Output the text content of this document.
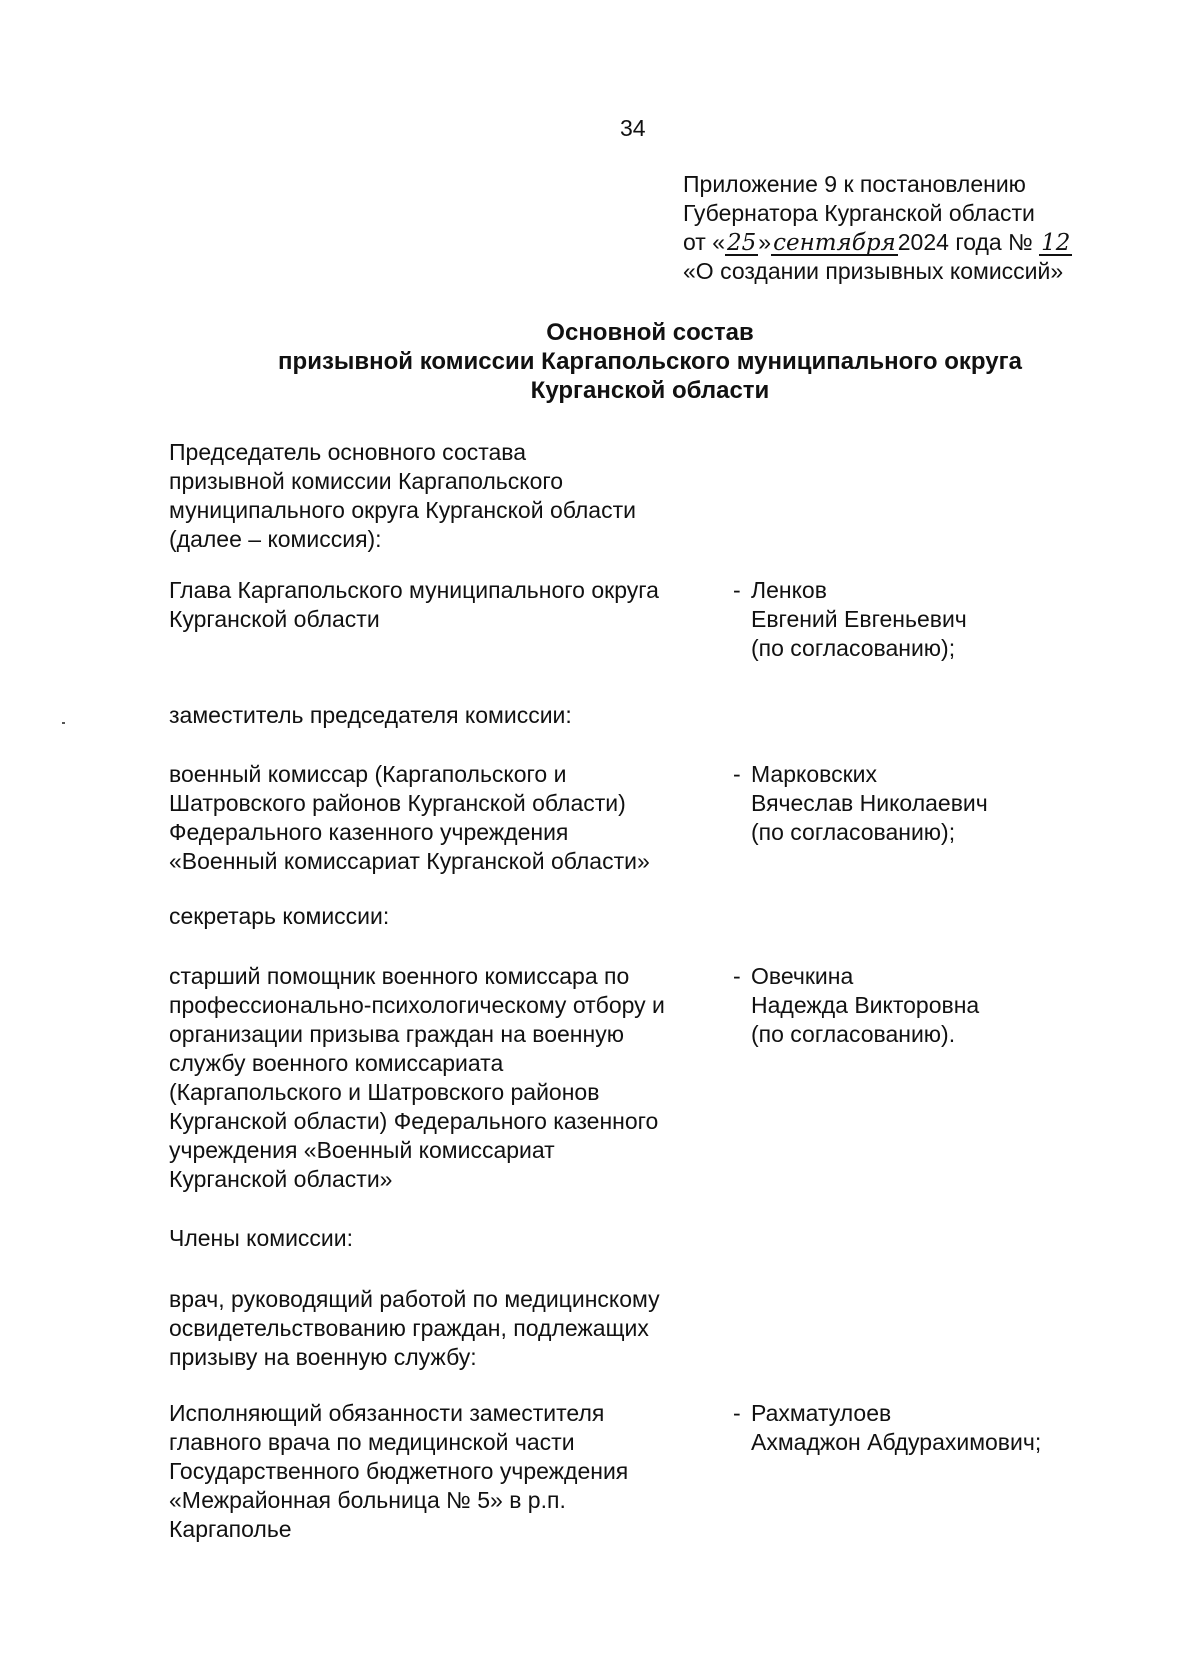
34
Приложение 9 к постановлению
Губернатора Курганской области
от «25»сентября2024 года № 12
«О создании призывных комиссий»
Основной состав
призывной комиссии Каргапольского муниципального округа
Курганской области
Председатель основного состава
призывной комиссии Каргапольского
муниципального округа Курганской области
(далее – комиссия):
Глава Каргапольского муниципального округа
Курганской области
- Ленков
Евгений Евгеньевич
(по согласованию);
заместитель председателя комиссии:
военный комиссар (Каргапольского и
Шатровского районов Курганской области)
Федерального казенного учреждения
«Военный комиссариат Курганской области»
- Марковских
Вячеслав Николаевич
(по согласованию);
секретарь комиссии:
старший помощник военного комиссара по
профессионально-психологическому отбору и
организации призыва граждан на военную
службу военного комиссариата
(Каргапольского и Шатровского районов
Курганской области) Федерального казенного
учреждения «Военный комиссариат
Курганской области»
- Овечкина
Надежда Викторовна
(по согласованию).
Члены комиссии:
врач, руководящий работой по медицинскому
освидетельствованию граждан, подлежащих
призыву на военную службу:
Исполняющий обязанности заместителя
главного врача по медицинской части
Государственного бюджетного учреждения
«Межрайонная больница № 5» в р.п.
Каргаполье
- Рахматулоев
Ахмаджон Абдурахимович;
